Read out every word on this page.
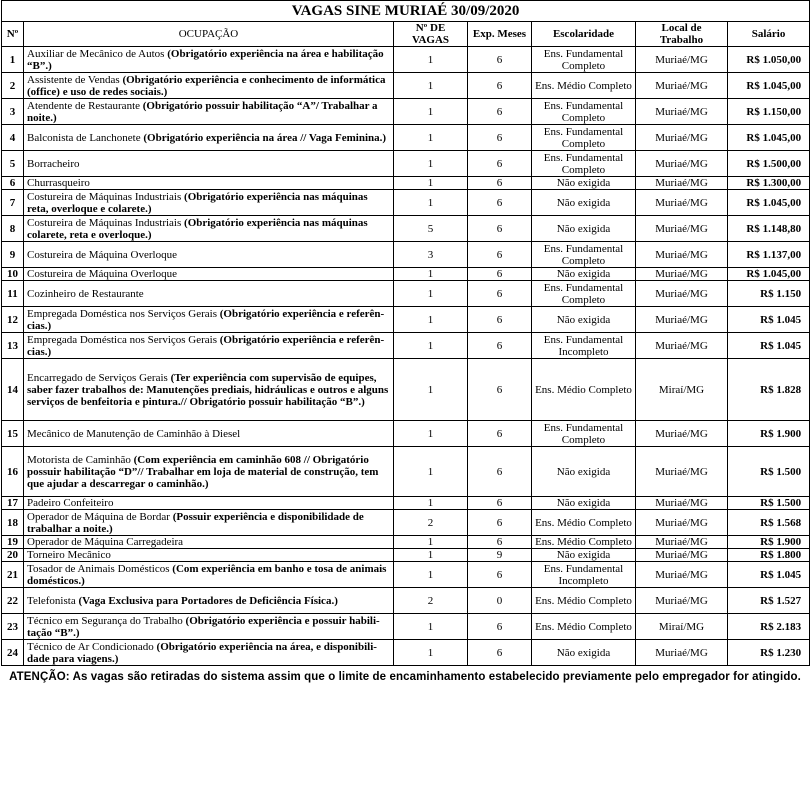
VAGAS SINE MURIAÉ 30/09/2020						
Nº	OCUPAÇÃO	Nº DE VAGAS	Exp. Meses	Escolaridade	Local de Trabalho	Salário
1	Auxiliar de Mecânico de Autos (Obrigatório experiência na área e habilitação “B”.)	1	6	Ens. Fundamental Completo	Muriaé/MG	R$ 1.050,00
2	Assistente de Vendas (Obrigatório experiência e conhecimento de informática (office) e uso de redes sociais.)	1	6	Ens. Médio Completo	Muriaé/MG	R$ 1.045,00
3	Atendente de Restaurante (Obrigatório possuir habilitação “A”/ Trabalhar a noite.)	1	6	Ens. Fundamental Completo	Muriaé/MG	R$ 1.150,00
4	Balconista de Lanchonete (Obrigatório experiência na área // Vaga Feminina.)	1	6	Ens. Fundamental Completo	Muriaé/MG	R$ 1.045,00
5	Borracheiro	1	6	Ens. Fundamental Completo	Muriaé/MG	R$ 1.500,00
6	Churrasqueiro	1	6	Não exigida	Muriaé/MG	R$ 1.300,00
7	Costureira de Máquinas Industriais (Obrigatório experiência nas máquinas reta, overloque e colarete.)	1	6	Não exigida	Muriaé/MG	R$ 1.045,00
8	Costureira de Máquinas Industriais (Obrigatório experiência nas máquinas colarete, reta e overloque.)	5	6	Não exigida	Muriaé/MG	R$ 1.148,80
9	Costureira de Máquina Overloque	3	6	Ens. Fundamental Completo	Muriaé/MG	R$ 1.137,00
10	Costureira de Máquina Overloque	1	6	Não exigida	Muriaé/MG	R$ 1.045,00
11	Cozinheiro de Restaurante	1	6	Ens. Fundamental Completo	Muriaé/MG	R$ 1.150
12	Empregada Doméstica nos Serviços Gerais (Obrigatório experiência e referên-cias.)	1	6	Não exigida	Muriaé/MG	R$ 1.045
13	Empregada Doméstica nos Serviços Gerais (Obrigatório experiência e referên-cias.)	1	6	Ens. Fundamental Incompleto	Muriaé/MG	R$ 1.045
14	Encarregado de Serviços Gerais (Ter experiência com supervisão de equipes, saber fazer trabalhos de: Manutenções prediais, hidráulicas e outros e alguns serviços de benfeitoria e pintura.// Obrigatório possuir habilitação “B”.)	1	6	Ens. Médio Completo	Miraí/MG	R$ 1.828
15	Mecânico de Manutenção de Caminhão à Diesel	1	6	Ens. Fundamental Completo	Muriaé/MG	R$ 1.900
16	Motorista de Caminhão (Com experiência em caminhão 608 // Obrigatório possuir habilitação “D”// Trabalhar em loja de material de construção, tem que ajudar a descarregar o caminhão.)	1	6	Não exigida	Muriaé/MG	R$ 1.500
17	Padeiro Confeiteiro	1	6	Não exigida	Muriaé/MG	R$ 1.500
18	Operador de Máquina de Bordar (Possuir experiência e disponibilidade de trabalhar a noite.)	2	6	Ens. Médio Completo	Muriaé/MG	R$ 1.568
19	Operador de Máquina Carregadeira	1	6	Ens. Médio Completo	Muriaé/MG	R$ 1.900
20	Torneiro Mecânico	1	9	Não exigida	Muriaé/MG	R$ 1.800
21	Tosador de Animais Domésticos (Com experiência em banho e tosa de animais domésticos.)	1	6	Ens. Fundamental Incompleto	Muriaé/MG	R$ 1.045
22	Telefonista (Vaga Exclusiva para Portadores de Deficiência Física.)	2	0	Ens. Médio Completo	Muriaé/MG	R$ 1.527
23	Técnico em Segurança do Trabalho (Obrigatório experiência e possuir habili-tação “B”.)	1	6	Ens. Médio Completo	Miraí/MG	R$ 2.183
24	Técnico de Ar Condicionado (Obrigatório experiência na área, e disponibili-dade para viagens.)	1	6	Não exigida	Muriaé/MG	R$ 1.230
ATENÇÃO: As vagas são retiradas do sistema assim que o limite de encaminhamento estabelecido previamente pelo empregador for atingido.
